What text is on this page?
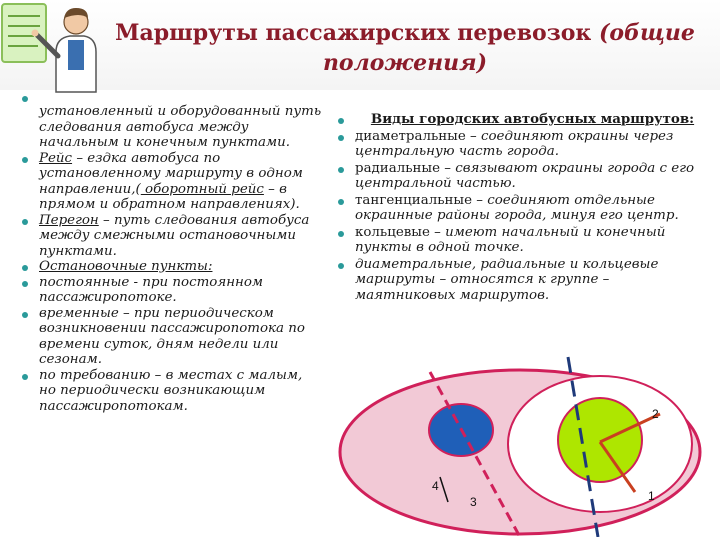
Маршруты пассажирских перевозок (общие положения)
установленный и оборудованный путь следования автобуса между начальным и конечным пунктами.
Рейс – ездка автобуса по установленному маршруту в одном направлении,( оборотный рейс – в прямом и обратном направлениях).
Перегон – путь следования автобуса между смежными остановочными пунктами.
Остановочные пункты:
постоянные - при постоянном пассажиропотоке.
временные – при периодическом возникновении пассажиропотока по времени суток, дням недели или сезонам.
по требованию – в местах с малым, но периодически возникающим пассажиропотокам.
Виды городских автобусных маршрутов:
диаметральные – соединяют окраины через центральную часть города.
радиальные – связывают окраины города с его центральной частью.
тангенциальные – соединяют отдельные окраинные районы города, минуя его центр.
кольцевые – имеют начальный и конечный пункты в одной точке.
диаметральные, радиальные и кольцевые маршруты – относятся к группе – маятниковых маршрутов.
2
4
3	1
